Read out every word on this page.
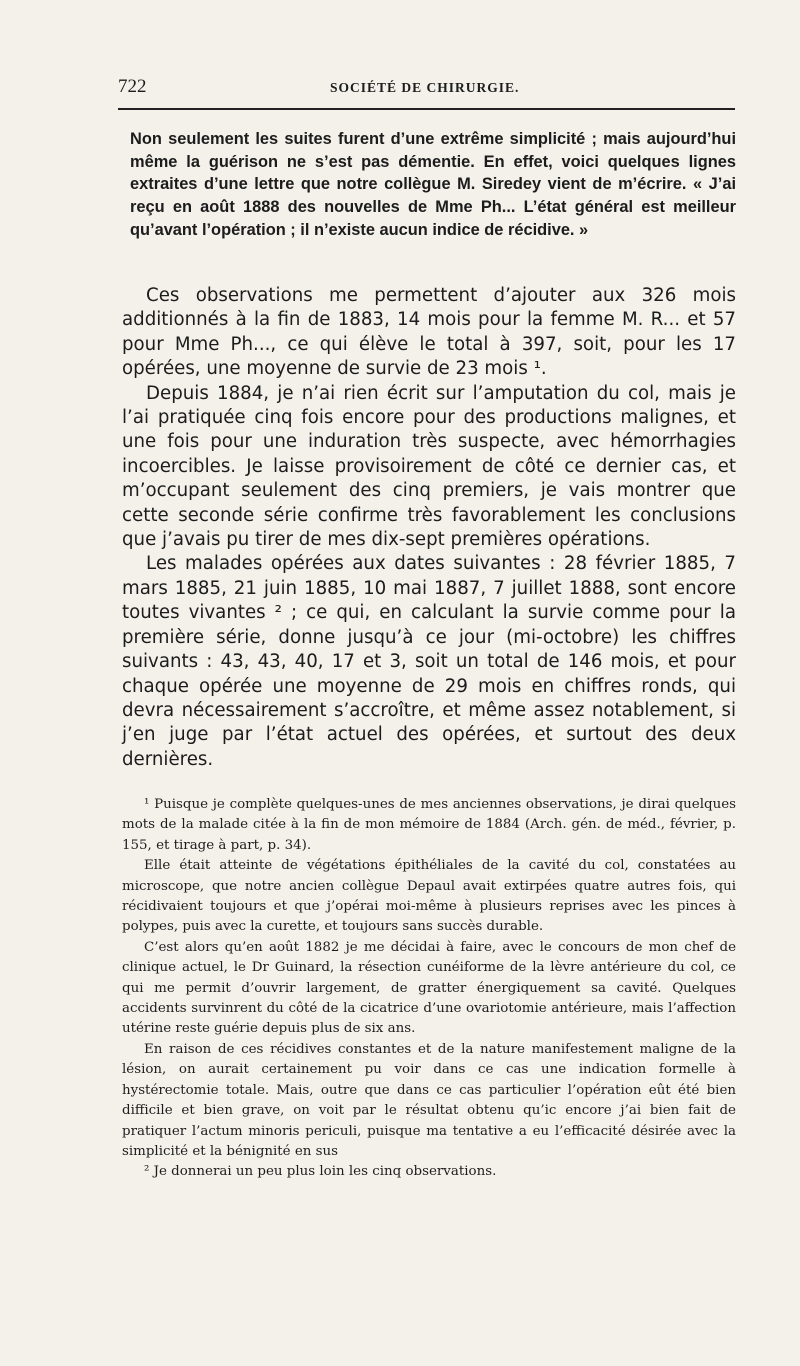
722	SOCIÉTÉ DE CHIRURGIE.
Non seulement les suites furent d’une extrême simplicité ; mais aujourd’hui même la guérison ne s’est pas démentie. En effet, voici quelques lignes extraites d’une lettre que notre collègue M. Siredey vient de m’écrire. « J’ai reçu en août 1888 des nouvelles de Mme Ph... L’état général est meilleur qu’avant l’opération ; il n’existe aucun indice de récidive. »

Ces observations me permettent d’ajouter aux 326 mois additionnés à la fin de 1883, 14 mois pour la femme M. R... et 57 pour Mme Ph..., ce qui élève le total à 397, soit, pour les 17 opérées, une moyenne de survie de 23 mois ¹.

Depuis 1884, je n’ai rien écrit sur l’amputation du col, mais je l’ai pratiquée cinq fois encore pour des productions malignes, et une fois pour une induration très suspecte, avec hémorrhagies incoercibles. Je laisse provisoirement de côté ce dernier cas, et m’occupant seulement des cinq premiers, je vais montrer que cette seconde série confirme très favorablement les conclusions que j’avais pu tirer de mes dix-sept premières opérations.

Les malades opérées aux dates suivantes : 28 février 1885, 7 mars 1885, 21 juin 1885, 10 mai 1887, 7 juillet 1888, sont encore toutes vivantes ² ; ce qui, en calculant la survie comme pour la première série, donne jusqu’à ce jour (mi-octobre) les chiffres suivants : 43, 43, 40, 17 et 3, soit un total de 146 mois, et pour chaque opérée une moyenne de 29 mois en chiffres ronds, qui devra nécessairement s’accroître, et même assez notablement, si j’en juge par l’état actuel des opérées, et surtout des deux dernières.

¹ Puisque je complète quelques-unes de mes anciennes observations, je dirai quelques mots de la malade citée à la fin de mon mémoire de 1884 (Arch. gén. de méd., février, p. 155, et tirage à part, p. 34).

Elle était atteinte de végétations épithéliales de la cavité du col, constatées au microscope, que notre ancien collègue Depaul avait extirpées quatre autres fois, qui récidivaient toujours et que j’opérai moi-même à plusieurs reprises avec les pinces à polypes, puis avec la curette, et toujours sans succès durable.

C’est alors qu’en août 1882 je me décidai à faire, avec le concours de mon chef de clinique actuel, le Dr Guinard, la résection cunéiforme de la lèvre antérieure du col, ce qui me permit d’ouvrir largement, de gratter énergiquement sa cavité. Quelques accidents survinrent du côté de la cicatrice d’une ovariotomie antérieure, mais l’affection utérine reste guérie depuis plus de six ans.

En raison de ces récidives constantes et de la nature manifestement maligne de la lésion, on aurait certainement pu voir dans ce cas une indication formelle à hystérectomie totale. Mais, outre que dans ce cas particulier l’opération eût été bien difficile et bien grave, on voit par le résultat obtenu qu’ic encore j’ai bien fait de pratiquer l’actum minoris periculi, puisque ma tentative a eu l’efficacité désirée avec la simplicité et la bénignité en sus

² Je donnerai un peu plus loin les cinq observations.
